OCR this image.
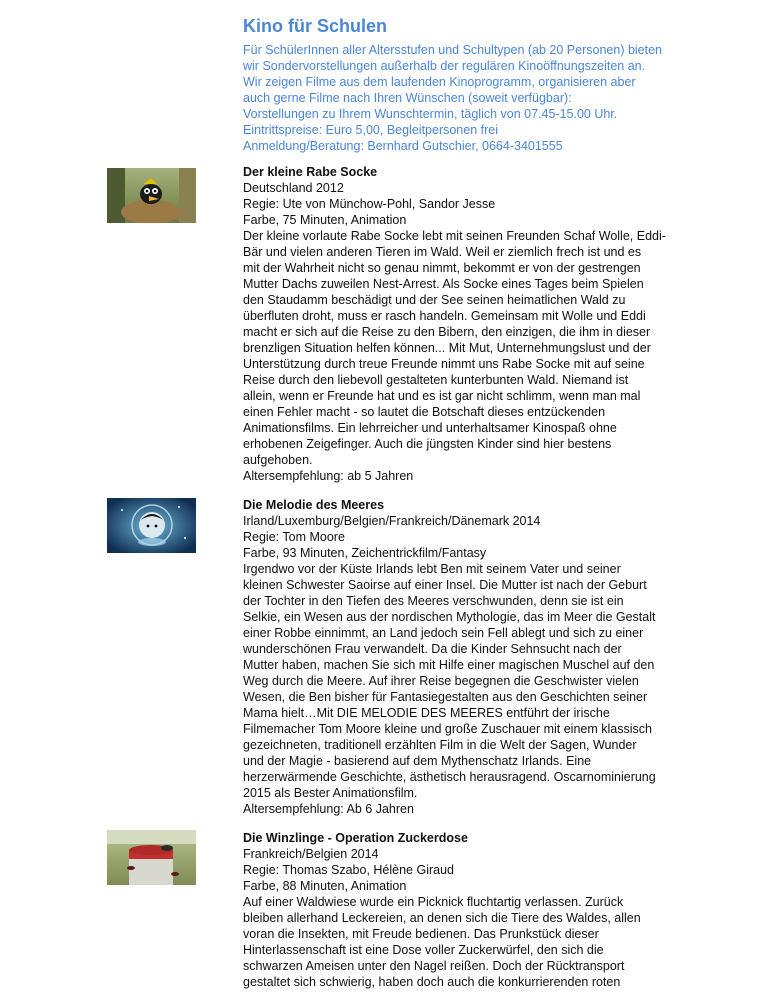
Kino für Schulen
Für SchülerInnen aller Altersstufen und Schultypen (ab 20 Personen) bieten
wir Sondervorstellungen außerhalb der regulären Kinoöffnungszeiten an.
Wir zeigen Filme aus dem laufenden Kinoprogramm, organisieren aber
auch gerne Filme nach Ihren Wünschen (soweit verfügbar):
Vorstellungen zu Ihrem Wunschtermin, täglich von 07.45-15.00 Uhr.
Eintrittspreise: Euro 5,00, Begleitpersonen frei
Anmeldung/Beratung: Bernhard Gutschier, 0664-3401555
Der kleine Rabe Socke
Deutschland 2012
Regie: Ute von Münchow-Pohl, Sandor Jesse
Farbe, 75 Minuten, Animation
Der kleine vorlaute Rabe Socke lebt mit seinen Freunden Schaf Wolle, Eddi-
Bär und vielen anderen Tieren im Wald. Weil er ziemlich frech ist und es
mit der Wahrheit nicht so genau nimmt, bekommt er von der gestrengen
Mutter Dachs zuweilen Nest-Arrest. Als Socke eines Tages beim Spielen
den Staudamm beschädigt und der See seinen heimatlichen Wald zu
überfluten droht, muss er rasch handeln. Gemeinsam mit Wolle und Eddi
macht er sich auf die Reise zu den Bibern, den einzigen, die ihm in dieser
brenzligen Situation helfen können... Mit Mut, Unternehmungslust und der
Unterstützung durch treue Freunde nimmt uns Rabe Socke mit auf seine
Reise durch den liebevoll gestalteten kunterbunten Wald. Niemand ist
allein, wenn er Freunde hat und es ist gar nicht schlimm, wenn man mal
einen Fehler macht - so lautet die Botschaft dieses entzückenden
Animationsfilms. Ein lehrreicher und unterhaltsamer Kinospaß ohne
erhobenen Zeigefinger. Auch die jüngsten Kinder sind hier bestens
aufgehoben.
Altersempfehlung: ab 5 Jahren
Die Melodie des Meeres
Irland/Luxemburg/Belgien/Frankreich/Dänemark 2014
Regie: Tom Moore
Farbe, 93 Minuten, Zeichentrickfilm/Fantasy
Irgendwo vor der Küste Irlands lebt Ben mit seinem Vater und seiner
kleinen Schwester Saoirse auf einer Insel. Die Mutter ist nach der Geburt
der Tochter in den Tiefen des Meeres verschwunden, denn sie ist ein
Selkie, ein Wesen aus der nordischen Mythologie, das im Meer die Gestalt
einer Robbe einnimmt, an Land jedoch sein Fell ablegt und sich zu einer
wunderschönen Frau verwandelt. Da die Kinder Sehnsucht nach der
Mutter haben, machen Sie sich mit Hilfe einer magischen Muschel auf den
Weg durch die Meere. Auf ihrer Reise begegnen die Geschwister vielen
Wesen, die Ben bisher für Fantasiegestalten aus den Geschichten seiner
Mama hielt…Mit DIE MELODIE DES MEERES entführt der irische
Filmemacher Tom Moore kleine und große Zuschauer mit einem klassisch
gezeichneten, traditionell erzählten Film in die Welt der Sagen, Wunder
und der Magie - basierend auf dem Mythenschatz Irlands. Eine
herzerwärmende Geschichte, ästhetisch herausragend. Oscarnominierung
2015 als Bester Animationsfilm.
Altersempfehlung: Ab 6 Jahren
Die Winzlinge - Operation Zuckerdose
Frankreich/Belgien 2014
Regie: Thomas Szabo, Hélène Giraud
Farbe, 88 Minuten, Animation
Auf einer Waldwiese wurde ein Picknick fluchtartig verlassen. Zurück
bleiben allerhand Leckereien, an denen sich die Tiere des Waldes, allen
voran die Insekten, mit Freude bedienen. Das Prunkstück dieser
Hinterlassenschaft ist eine Dose voller Zuckerwürfel, den sich die
schwarzen Ameisen unter den Nagel reißen. Doch der Rücktransport
gestaltet sich schwierig, haben doch auch die konkurrierenden roten
